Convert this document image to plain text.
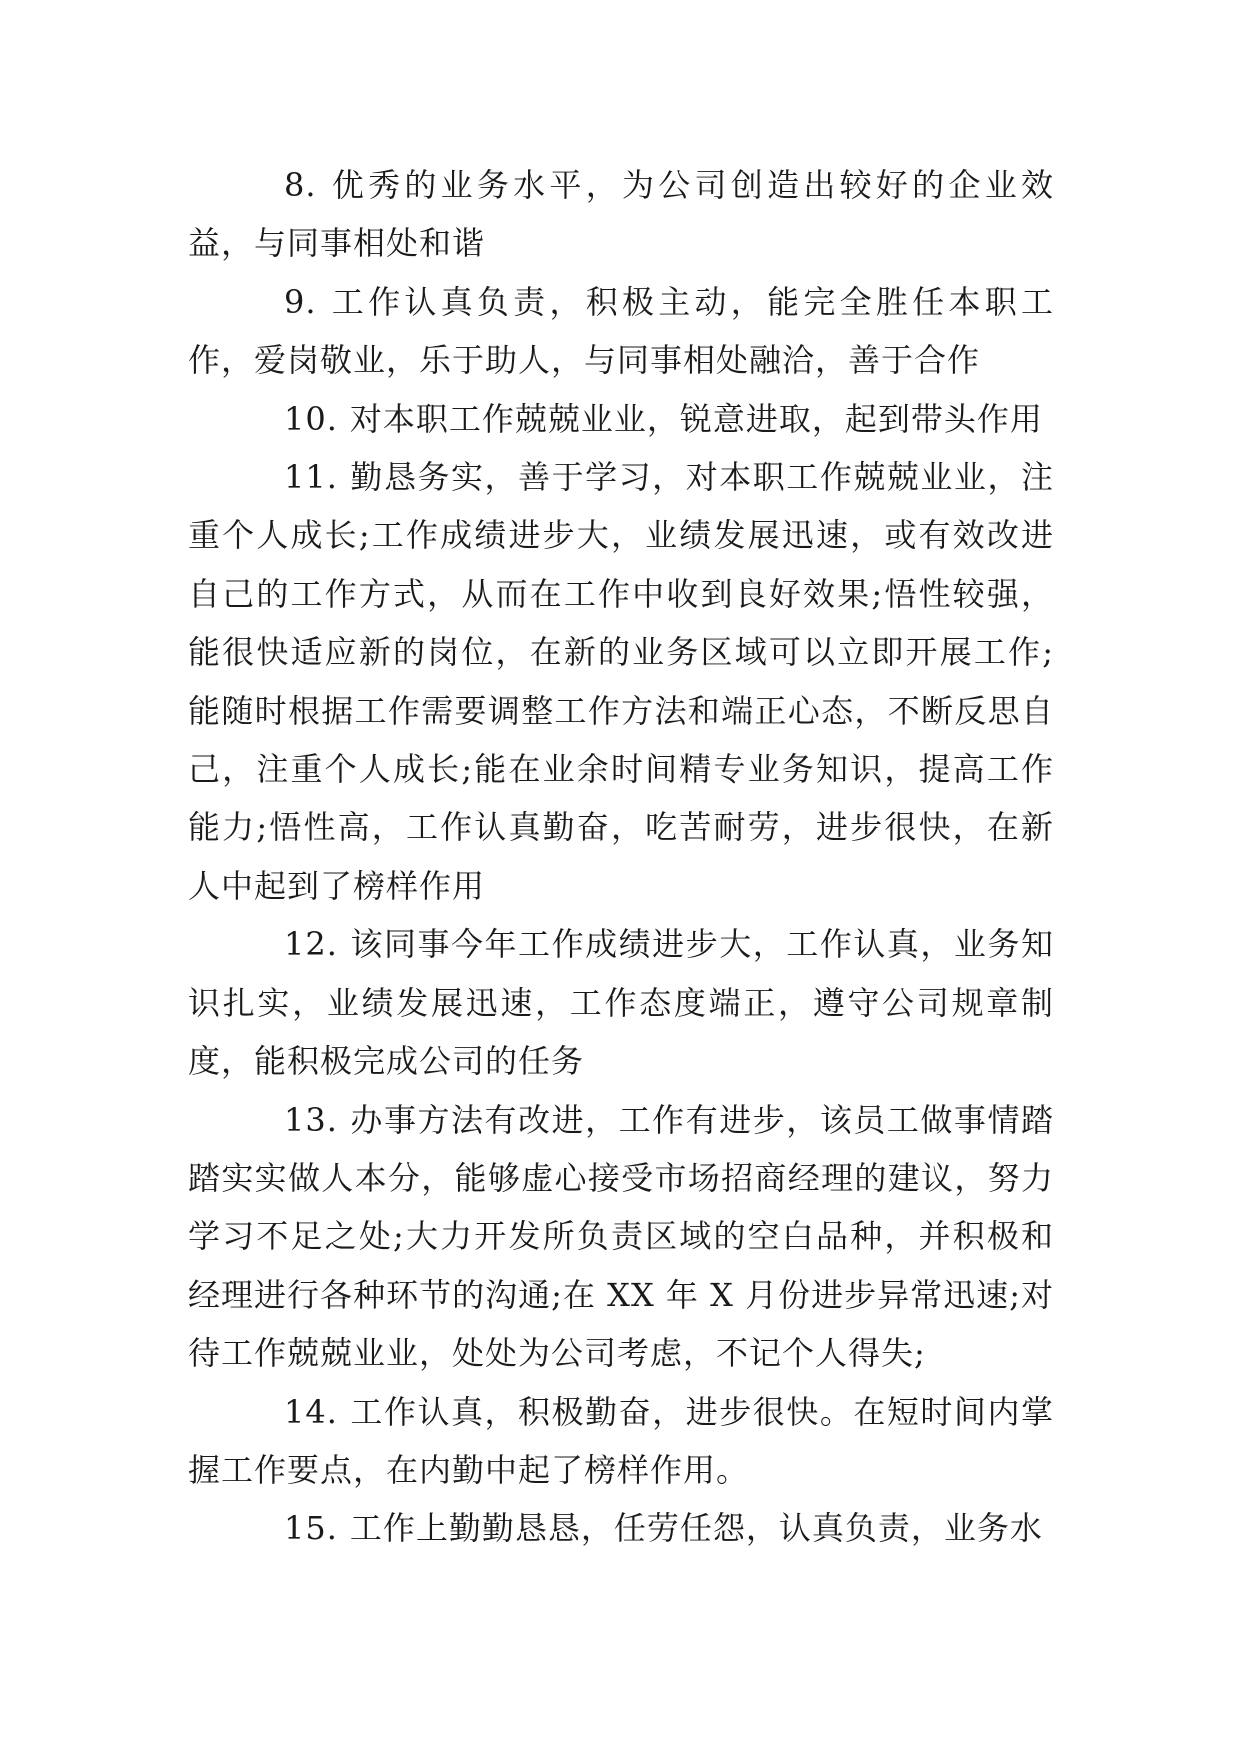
8. 优秀的业务水平，为公司创造出较好的企业效益，与同事相处和谐

9. 工作认真负责，积极主动，能完全胜任本职工作，爱岗敬业，乐于助人，与同事相处融洽，善于合作

10. 对本职工作兢兢业业，锐意进取，起到带头作用

11. 勤恳务实，善于学习，对本职工作兢兢业业，注重个人成长;工作成绩进步大，业绩发展迅速，或有效改进自己的工作方式，从而在工作中收到良好效果;悟性较强，能很快适应新的岗位，在新的业务区域可以立即开展工作;能随时根据工作需要调整工作方法和端正心态，不断反思自己，注重个人成长;能在业余时间精专业务知识，提高工作能力;悟性高，工作认真勤奋，吃苦耐劳，进步很快，在新人中起到了榜样作用

12. 该同事今年工作成绩进步大，工作认真，业务知识扎实，业绩发展迅速，工作态度端正，遵守公司规章制度，能积极完成公司的任务

13. 办事方法有改进，工作有进步，该员工做事情踏踏实实做人本分，能够虚心接受市场招商经理的建议，努力学习不足之处;大力开发所负责区域的空白品种，并积极和经理进行各种环节的沟通;在 XX 年 X 月份进步异常迅速;对待工作兢兢业业，处处为公司考虑，不记个人得失;

14. 工作认真，积极勤奋，进步很快。在短时间内掌握工作要点，在内勤中起了榜样作用。

15. 工作上勤勤恳恳，任劳任怨，认真负责，业务水
